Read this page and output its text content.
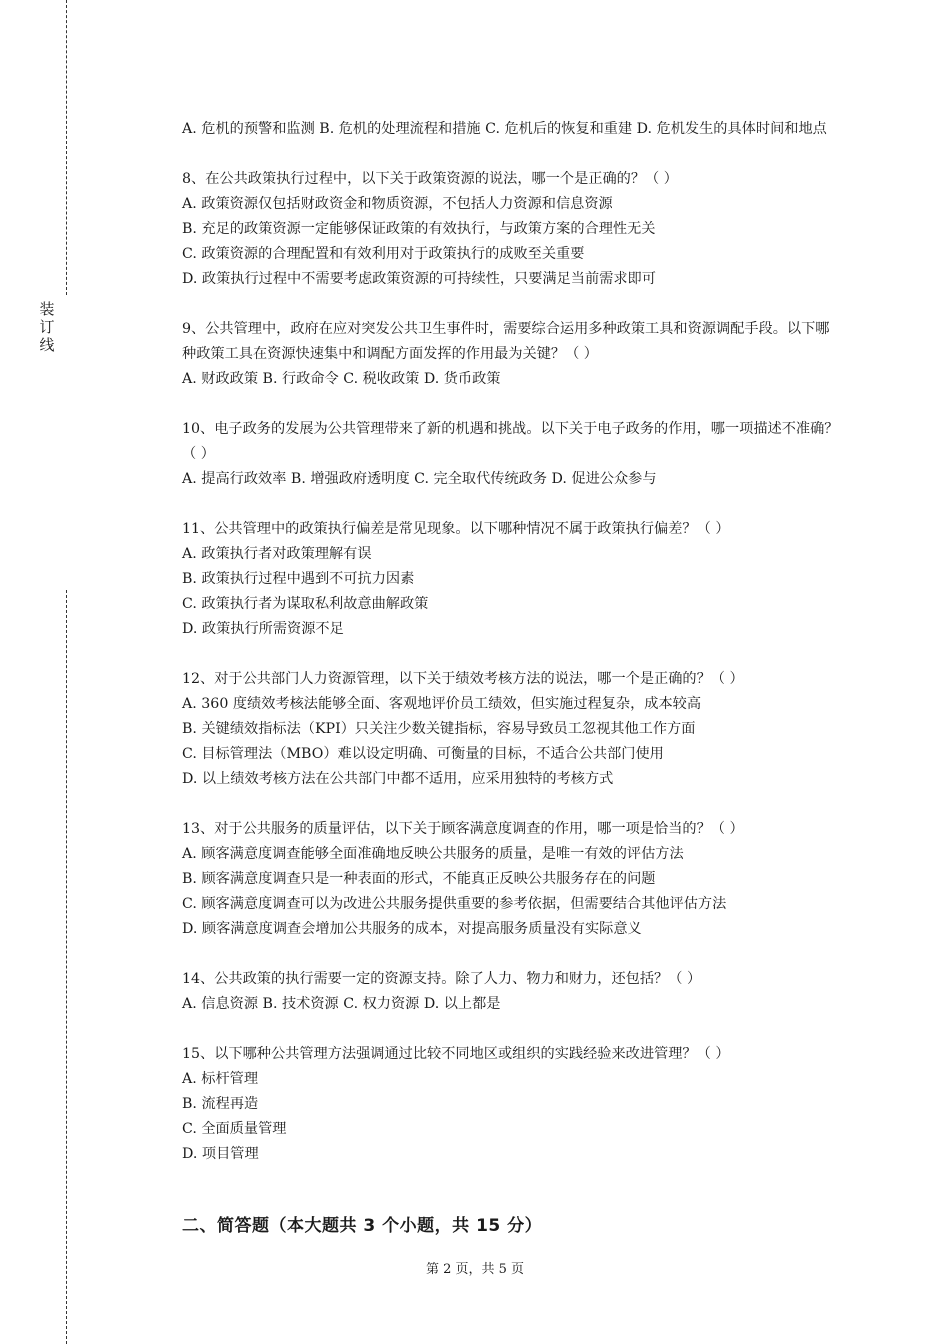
装
订
线
A. 危机的预警和监测 B. 危机的处理流程和措施 C. 危机后的恢复和重建 D. 危机发生的具体时间和地点
8、在公共政策执行过程中，以下关于政策资源的说法，哪一个是正确的？（ ）
A. 政策资源仅包括财政资金和物质资源，不包括人力资源和信息资源
B. 充足的政策资源一定能够保证政策的有效执行，与政策方案的合理性无关
C. 政策资源的合理配置和有效利用对于政策执行的成败至关重要
D. 政策执行过程中不需要考虑政策资源的可持续性，只要满足当前需求即可
9、公共管理中，政府在应对突发公共卫生事件时，需要综合运用多种政策工具和资源调配手段。以下哪种政策工具在资源快速集中和调配方面发挥的作用最为关键？（ ）
A. 财政政策 B. 行政命令 C. 税收政策 D. 货币政策
10、电子政务的发展为公共管理带来了新的机遇和挑战。以下关于电子政务的作用，哪一项描述不准确？（ ）
A. 提高行政效率 B. 增强政府透明度 C. 完全取代传统政务 D. 促进公众参与
11、公共管理中的政策执行偏差是常见现象。以下哪种情况不属于政策执行偏差？（ ）
A. 政策执行者对政策理解有误
B. 政策执行过程中遇到不可抗力因素
C. 政策执行者为谋取私利故意曲解政策
D. 政策执行所需资源不足
12、对于公共部门人力资源管理，以下关于绩效考核方法的说法，哪一个是正确的？（ ）
A. 360 度绩效考核法能够全面、客观地评价员工绩效，但实施过程复杂，成本较高
B. 关键绩效指标法（KPI）只关注少数关键指标，容易导致员工忽视其他工作方面
C. 目标管理法（MBO）难以设定明确、可衡量的目标，不适合公共部门使用
D. 以上绩效考核方法在公共部门中都不适用，应采用独特的考核方式
13、对于公共服务的质量评估，以下关于顾客满意度调查的作用，哪一项是恰当的？（ ）
A. 顾客满意度调查能够全面准确地反映公共服务的质量，是唯一有效的评估方法
B. 顾客满意度调查只是一种表面的形式，不能真正反映公共服务存在的问题
C. 顾客满意度调查可以为改进公共服务提供重要的参考依据，但需要结合其他评估方法
D. 顾客满意度调查会增加公共服务的成本，对提高服务质量没有实际意义
14、公共政策的执行需要一定的资源支持。除了人力、物力和财力，还包括？（ ）
A. 信息资源 B. 技术资源 C. 权力资源 D. 以上都是
15、以下哪种公共管理方法强调通过比较不同地区或组织的实践经验来改进管理？（ ）
A. 标杆管理
B. 流程再造
C. 全面质量管理
D. 项目管理
二、简答题（本大题共 3 个小题，共 15 分）
第 2 页，共 5 页
